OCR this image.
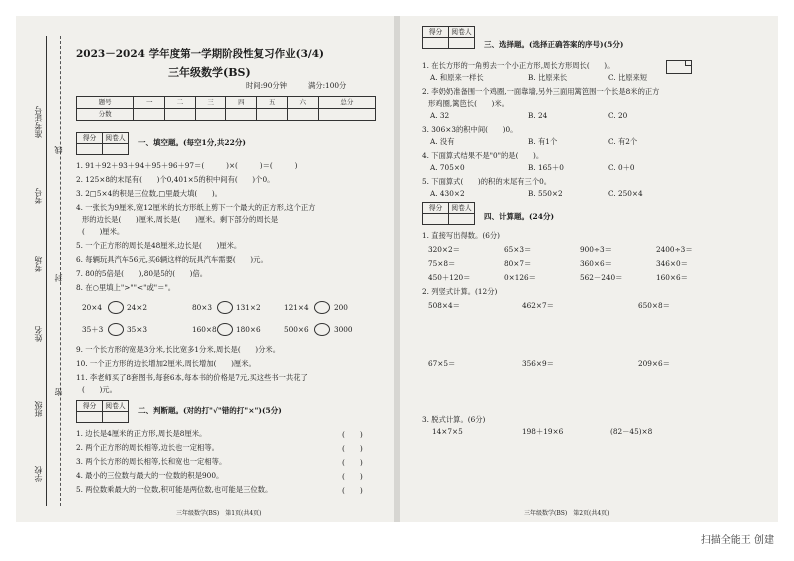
准考证号
考号
考场
姓名
班级
学校
线
封
密
2023－2024 学年度第一学期阶段性复习作业(3/4)
三年级数学(BS)
时间:90分钟	满分:100分
题号	一	二	三	四	五	六	总分
分数							
得分	阅卷人

一、填空题。(每空1分,共22分)
1. 91＋92＋93＋94＋95＋96＋97＝(　　　)×(　　　)＝(　　　)
2. 125×8的末尾有(　　)个0,401×5的积中间有(　　)个0。
3. 2□5×4的积是三位数,□里最大填(　　)。
4. 一张长为9厘米,宽12厘米的长方形纸上剪下一个最大的正方形,这个正方
形的边长是(　　)厘米,周长是(　　)厘米。剩下部分的周长是
(　　)厘米。
5. 一个正方形的周长是48厘米,边长是(　　)厘米。
6. 每辆玩具汽车56元,买6辆这样的玩具汽车需要(　　)元。
7. 80的5倍是(　　),80是5的(　　)倍。
8. 在○里填上">""<"或"＝"。
20×4	24×2	80×3	131×2	121×4	200
35＋3	35×3	160×8	180×6	500×6	3000
9. 一个长方形的宽是3分米,长比宽多1分米,周长是(　　)分米。
10. 一个正方形的边长增加2厘米,周长增加(　　)厘米。
11. 李老师买了8套图书,每套6本,每本书的价格是7元,买这些书一共花了
(　　)元。
得分	阅卷人

二、判断题。(对的打"√"错的打"×")(5分)
1. 边长是4厘米的正方形,周长是8厘米。	(　　)
2. 两个正方形的周长相等,边长也一定相等。	(　　)
3. 两个长方形的周长相等,长和宽也一定相等。	(　　)
4. 最小的三位数与最大的一位数的积是900。	(　　)
5. 两位数乘最大的一位数,积可能是两位数,也可能是三位数。	(　　)
三年级数学(BS)　第1页(共4页)
得分	阅卷人

三、选择题。(选择正确答案的序号)(5分)
1. 在长方形的一角剪去一个小正方形,周长方形周长(　　)。
A. 和原来一样长	B. 比原来长	C. 比原来短
2. 李奶奶准备围一个鸡圈,一面靠墙,另外三面用篱笆围一个长是8米的正方
形鸡圈,篱笆长(　　)米。
A. 32	B. 24	C. 20
3. 306×3的积中间(　　)0。
A. 没有	B. 有1个	C. 有2个
4. 下面算式结果不是"0"的是(　　)。
A. 705×0	B. 165＋0	C. 0＋0
5. 下面算式(　　)的积的末尾有三个0。
A. 430×2	B. 550×2	C. 250×4
得分	阅卷人

四、计算题。(24分)
1. 直接写出得数。(6分)
320×2＝	65×3＝	900÷3＝	2400÷3＝
75×8＝	80×7＝	360×6＝	346×0＝
450＋120＝	0×126＝	562－240＝	160×6＝
2. 列竖式计算。(12分)
508×4＝	462×7＝	650×8＝
67×5＝	356×9＝	209×6＝
3. 脱式计算。(6分)
14×7×5	198＋19×6	(82－45)×8
三年级数学(BS)　第2页(共4页)
扫描全能王 创建
